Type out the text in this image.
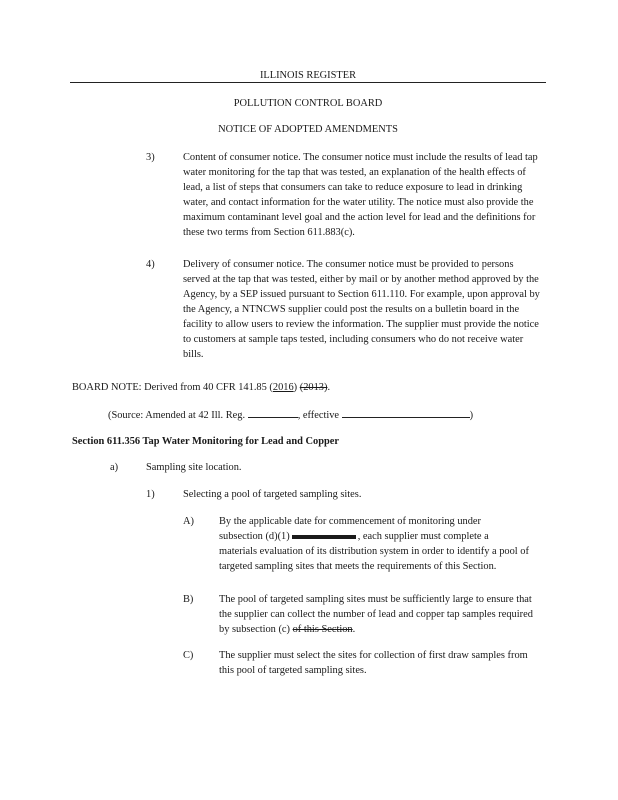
ILLINOIS REGISTER
POLLUTION CONTROL BOARD
NOTICE OF ADOPTED AMENDMENTS
3)	Content of consumer notice. The consumer notice must include the results of lead tap water monitoring for the tap that was tested, an explanation of the health effects of lead, a list of steps that consumers can take to reduce exposure to lead in drinking water, and contact information for the water utility. The notice must also provide the maximum contaminant level goal and the action level for lead and the definitions for these two terms from Section 611.883(c).

4)	Delivery of consumer notice. The consumer notice must be provided to persons served at the tap that was tested, either by mail or by another method approved by the Agency, by a SEP issued pursuant to Section 611.110. For example, upon approval by the Agency, a NTNCWS supplier could post the results on a bulletin board in the facility to allow users to review the information. The supplier must provide the notice to customers at sample taps tested, including consumers who do not receive water bills.

BOARD NOTE: Derived from 40 CFR 141.85 (2016) (2013).
(Source: Amended at 42 Ill. Reg.	, effective	)
Section 611.356 Tap Water Monitoring for Lead and Copper
a)	Sampling site location.
1)	Selecting a pool of targeted sampling sites.
A) By the applicable date for commencement of monitoring under
subsection (d)(1)	, each supplier must complete a
materials evaluation of its distribution system in order to identify a pool of targeted sampling sites that meets the requirements of this Section.
B) The pool of targeted sampling sites must be sufficiently large to ensure that the supplier can collect the number of lead and copper tap samples required by subsection (c) of this Section.

C) The supplier must select the sites for collection of first draw samples from this pool of targeted sampling sites.
